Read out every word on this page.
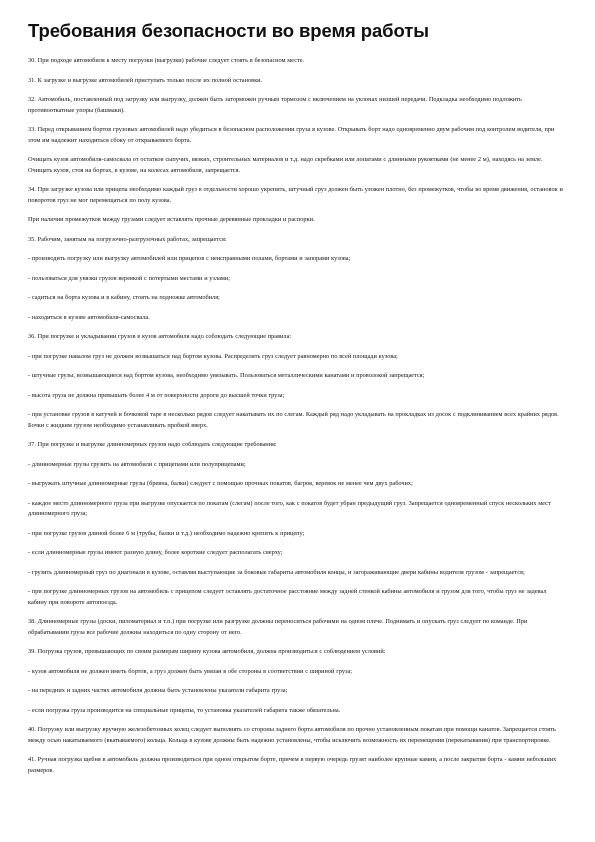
Требования безопасности во время работы

30. При подходе автомобиля к месту погрузки (выгрузки) рабочие следует стоять в безопасном месте.

31. К загрузке и выгрузке автомобилей приступать только после их полной остановки.

32. Автомобиль, поставленный под загрузку или выгрузку, должен быть заторможен ручным тормозом с включением на уклонах низшей передачи. Подкладка необходимо подложить противооткатные упоры (башмаки).

33. Перед открыванием бортов грузовых автомобилей надо убедиться в безопасном расположении груза в кузове. Открывать борт надо одновременно двум рабочим под контролем водителя, при этом им надлежит находиться сбоку от открываемого борта.

Очищать кузов автомобиля-самосвала от остатков сыпучих, вязких, строительных материалов и т.д. надо скребками или лопатами с длинными рукоятками (не менее 2 м), находясь на земле. Очищать кузов, стоя на бортах, в кузове, на колесах автомобиля, запрещается.

34. При загрузке кузова или прицепа необходимо каждый груз в отдельности хорошо укрепить, штучный груз должен быть уложен плотно, без промежутков, чтобы во время движения, остановок и поворотов груз не мог перемещаться по полу кузова.

При наличии промежутков между грузами следует вставлять прочные деревянные прокладки и распорки.

35. Рабочим, занятым на погрузочно-разгрузочных работах, запрещается:

- производить погрузку или выгрузку автомобилей или прицепов с неисправными полами, бортами и запорами кузова;

- пользоваться для увязки грузов веревкой с потертыми местами и узлами;

- садиться на борта кузова и в кабину, стоять на подножке автомобиля;

- находиться в кузове автомобиля-самосвала.

36. При погрузке и укладывании грузов в кузов автомобиля надо соблюдать следующие правила:

- при погрузке навалом груз не должен возвышаться над бортом кузова. Распределять груз следует равномерно по всей площади кузова;

- штучные грузы, возвышающиеся над бортом кузова, необходимо увязывать. Пользоваться металлическими канатами и проволокой запрещается;

- высота груза не должна превышать более 4 м от поверхности дороги до высшей точки груза;

- при установке грузов в катучей и бочковой таре в несколько рядов следует накатывать их по слегам. Каждый ряд надо укладывать на прокладках из досок с подклиниванием всех крайних рядов. Бочки с жидким грузом необходимо устанавливать пробкой вверх.

37. При погрузке и выгрузке длинномерных грузов надо соблюдать следующие требования:

- длинномерные грузы грузить на автомобили с прицепами или полуприцепами;

- выгружать штучные длинномерные грузы (бревна, балки) следует с помощью прочных покатов, багров, веревок не менее чем двух рабочих;

- каждое место длинномерного груза при выгрузке опускается по покатам (слегам) после того, как с покатов будет убран предыдущий груз. Запрещается одновременный спуск нескольких мест длинномерного груза;

- при погрузке грузов длиной более 6 м (трубы, балки и т.д.) необходимо надежно крепить к прицепу;

- если длинномерные грузы имеют разную длину, более короткие следует располагать сверху;

- грузить длинномерный груз по диагонали в кузове, оставляя выступающие за боковые габариты автомобиля концы, и загораживающие двери кабины водителя грузом - запрещается;

- при погрузке длинномерных грузов на автомобиль с прицепом следует оставлять достаточное расстояние между задней стенкой кабины автомобиля и грузом для того, чтобы груз не задевал кабину при повороте автопоезда.

38. Длинномерные грузы (доски, пиломатериал и т.п.) при погрузке или разгрузке должны переноситься рабочими на одном плече. Поднимать и опускать груз следует по команде. При обрабатывании груза все рабочие должны находиться по одну сторону от него.

39. Погрузка грузов, превышающих по своим размерам ширину кузова автомобиля, должна производиться с соблюдением условий:

- кузов автомобиля не должен иметь бортов, а груз должен быть увязан в обе стороны в соответствии с шириной груза;

- на передних и задних частях автомобиля должны быть установлены указатели габарита груза;

- если погрузка груза производится на специальные прицепы, то установка указателей габарита также обязательна.

40. Погрузку или выгрузку вручную железобетонных колец следует выполнять со стороны заднего борта автомобиля по прочно установленным покатам при помощи канатов. Запрещается стоять между осью накатываемого (вкатываемого) кольца. Кольца в кузове должны быть надежно установлены, чтобы исключить возможность их перемещения (перекатывания) при транспортировке.

41. Ручная погрузка щебня в автомобиль должна производиться при одном открытом борте, причем в первую очередь грузят наиболее крупные камни, а после закрытия борта - камни небольших размеров.
